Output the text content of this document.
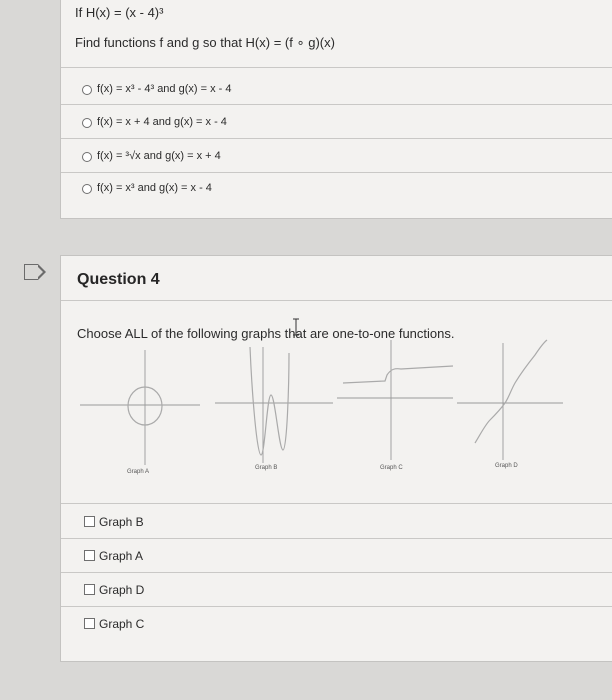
If H(x) = (x - 4)³
Find functions f and g so that H(x) = (f ∘ g)(x)
f(x) = x³ - 4³ and g(x) = x - 4
f(x) = x + 4 and g(x) = x - 4
f(x) = ³√x and g(x) = x + 4
f(x) = x³ and g(x) = x - 4
Question 4
Choose ALL of the following graphs that are one-to-one functions.
Graph A
Graph B	Graph C	Graph D
Graph B
Graph A
Graph D
Graph C
